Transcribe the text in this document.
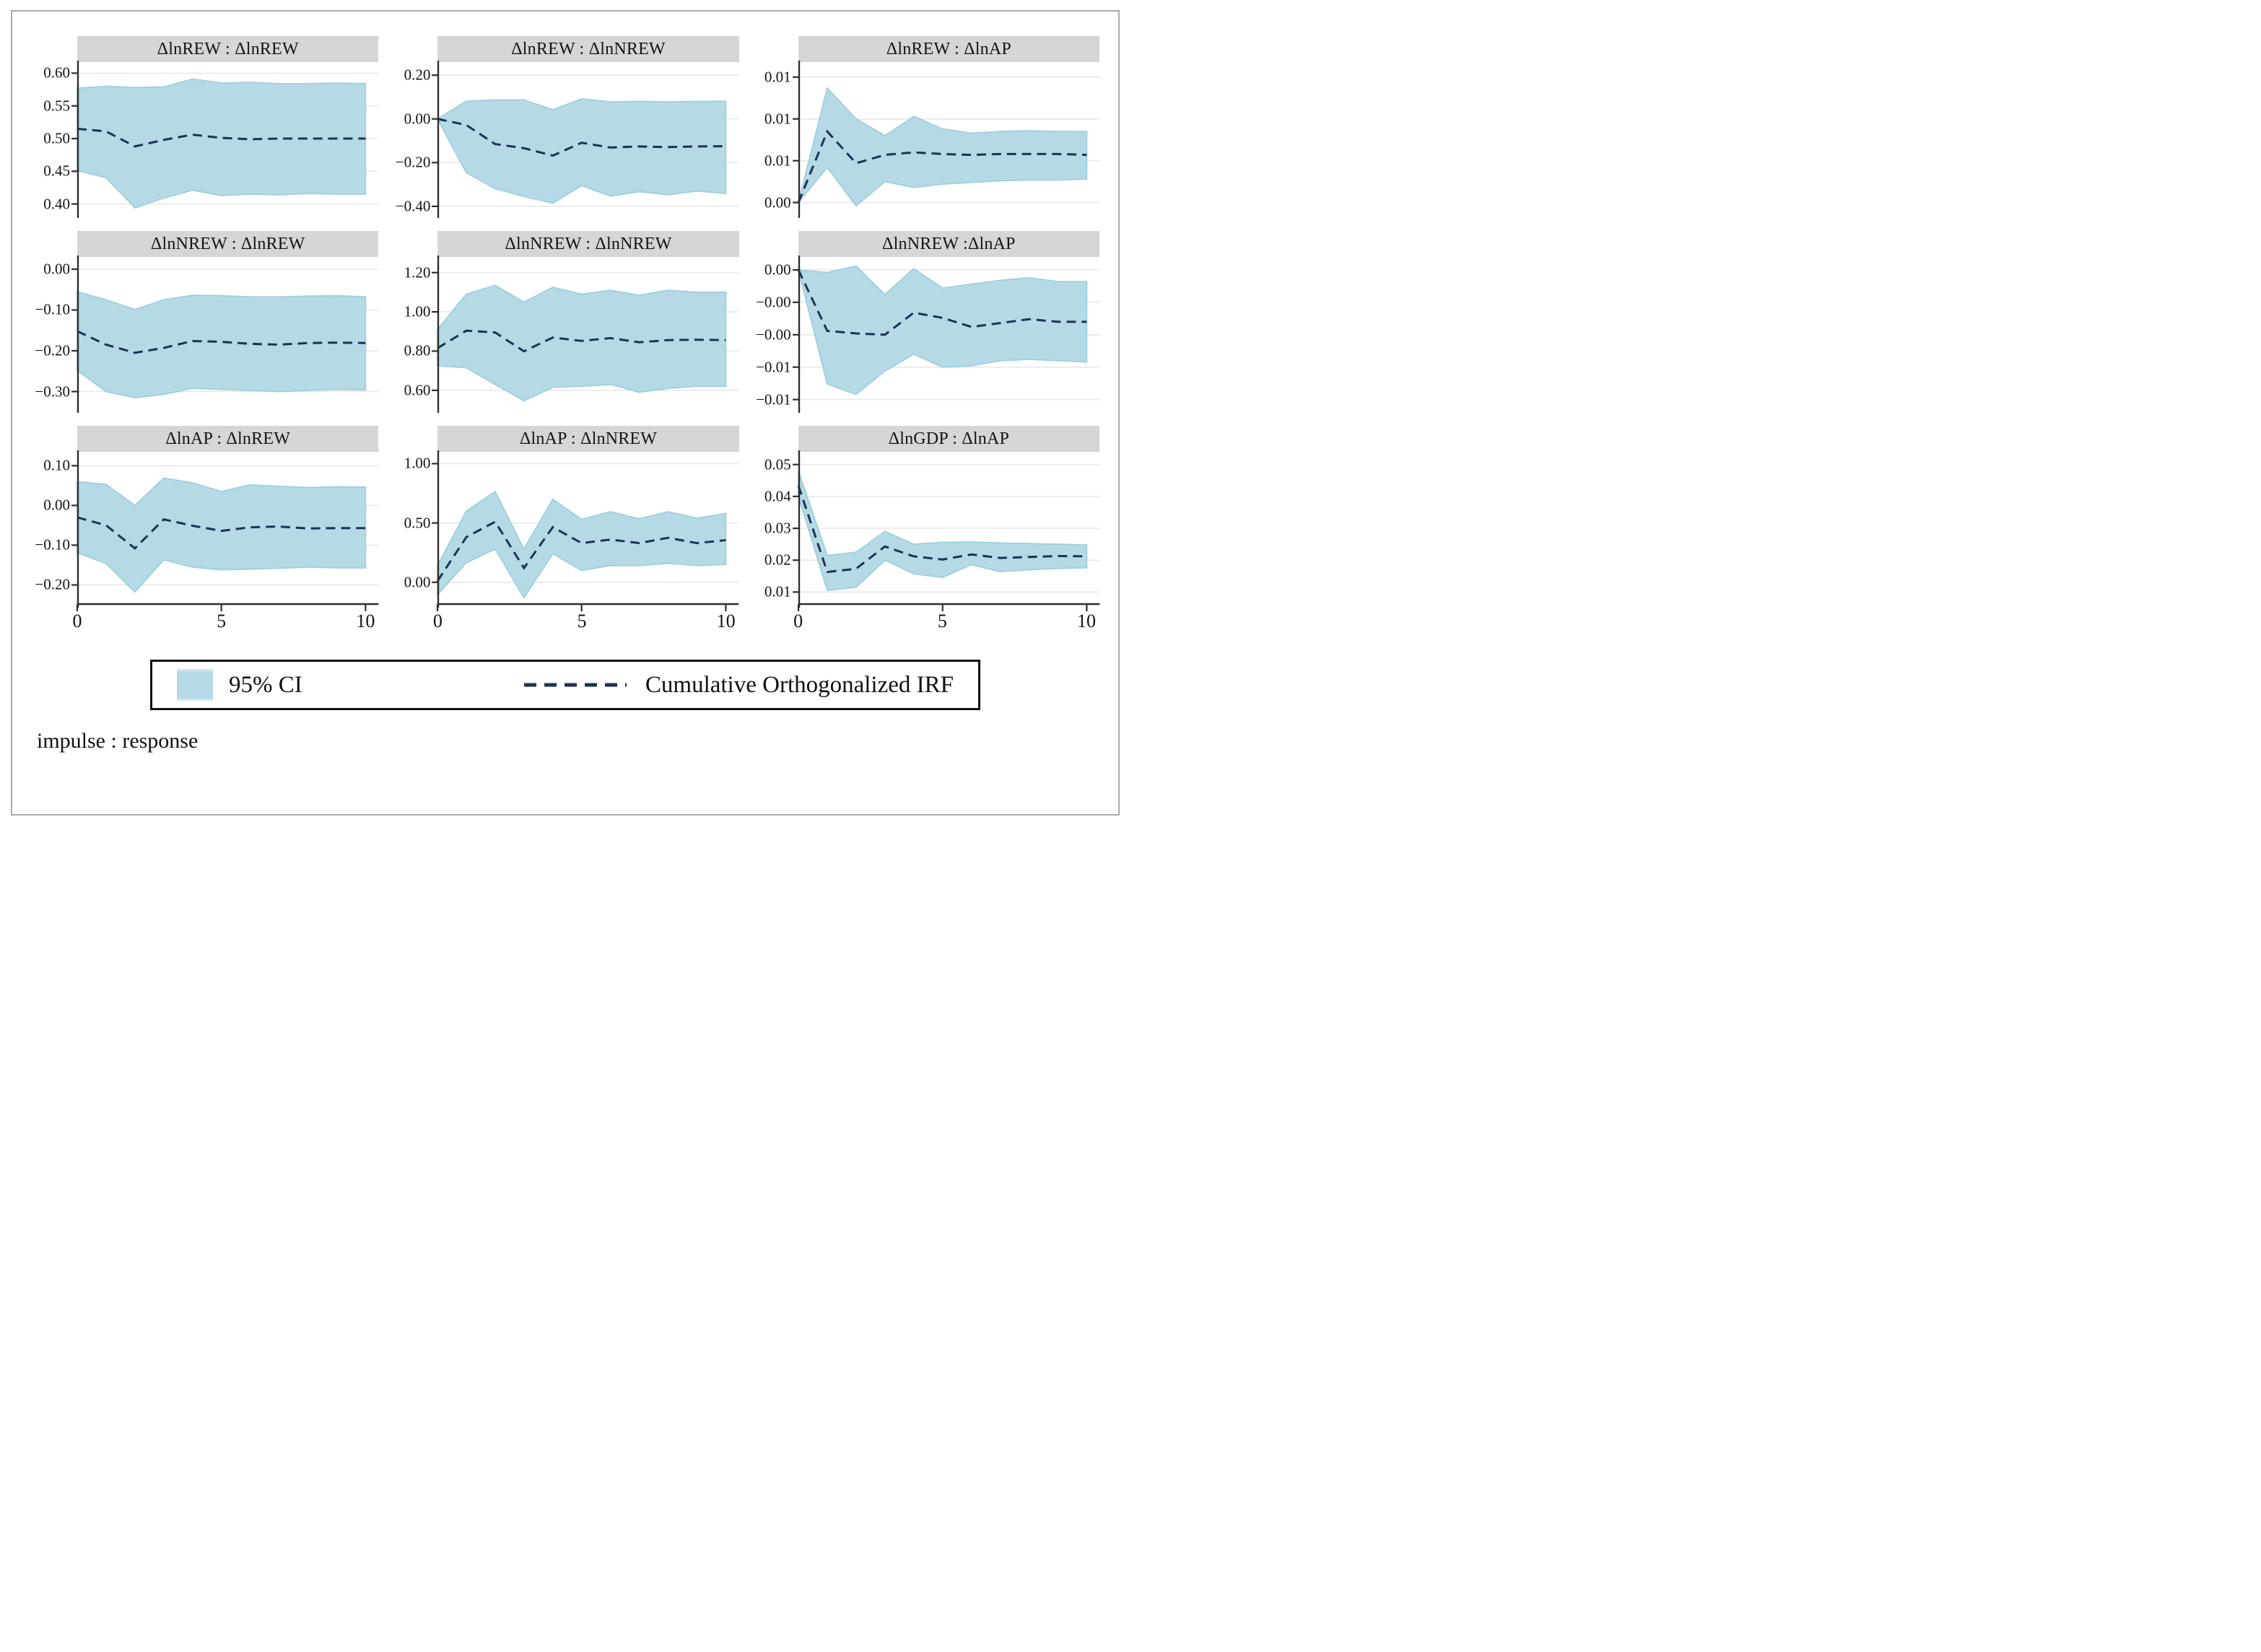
0.40
0.45
0.50
0.55
0.60
ΔlnREW : ΔlnREW
−0.40
−0.20
0.00
0.20
ΔlnREW : ΔlnNREW
0.00
0.01
0.01
0.01
ΔlnREW : ΔlnAP
−0.30
−0.20
−0.10
0.00
ΔlnNREW : ΔlnREW
0.60
0.80
1.00
1.20
ΔlnNREW : ΔlnNREW
−0.01
−0.01
−0.00
−0.00
0.00
ΔlnNREW :ΔlnAP
−0.20
−0.10
0.00
0.10
ΔlnAP : ΔlnREW
0	5	10
0.00
0.50
1.00
ΔlnAP : ΔlnNREW
0	5	10
0.01
0.02
0.03
0.04
0.05
ΔlnGDP : ΔlnAP
0	5	10
95% CI	Cumulative Orthogonalized IRF
impulse : response
